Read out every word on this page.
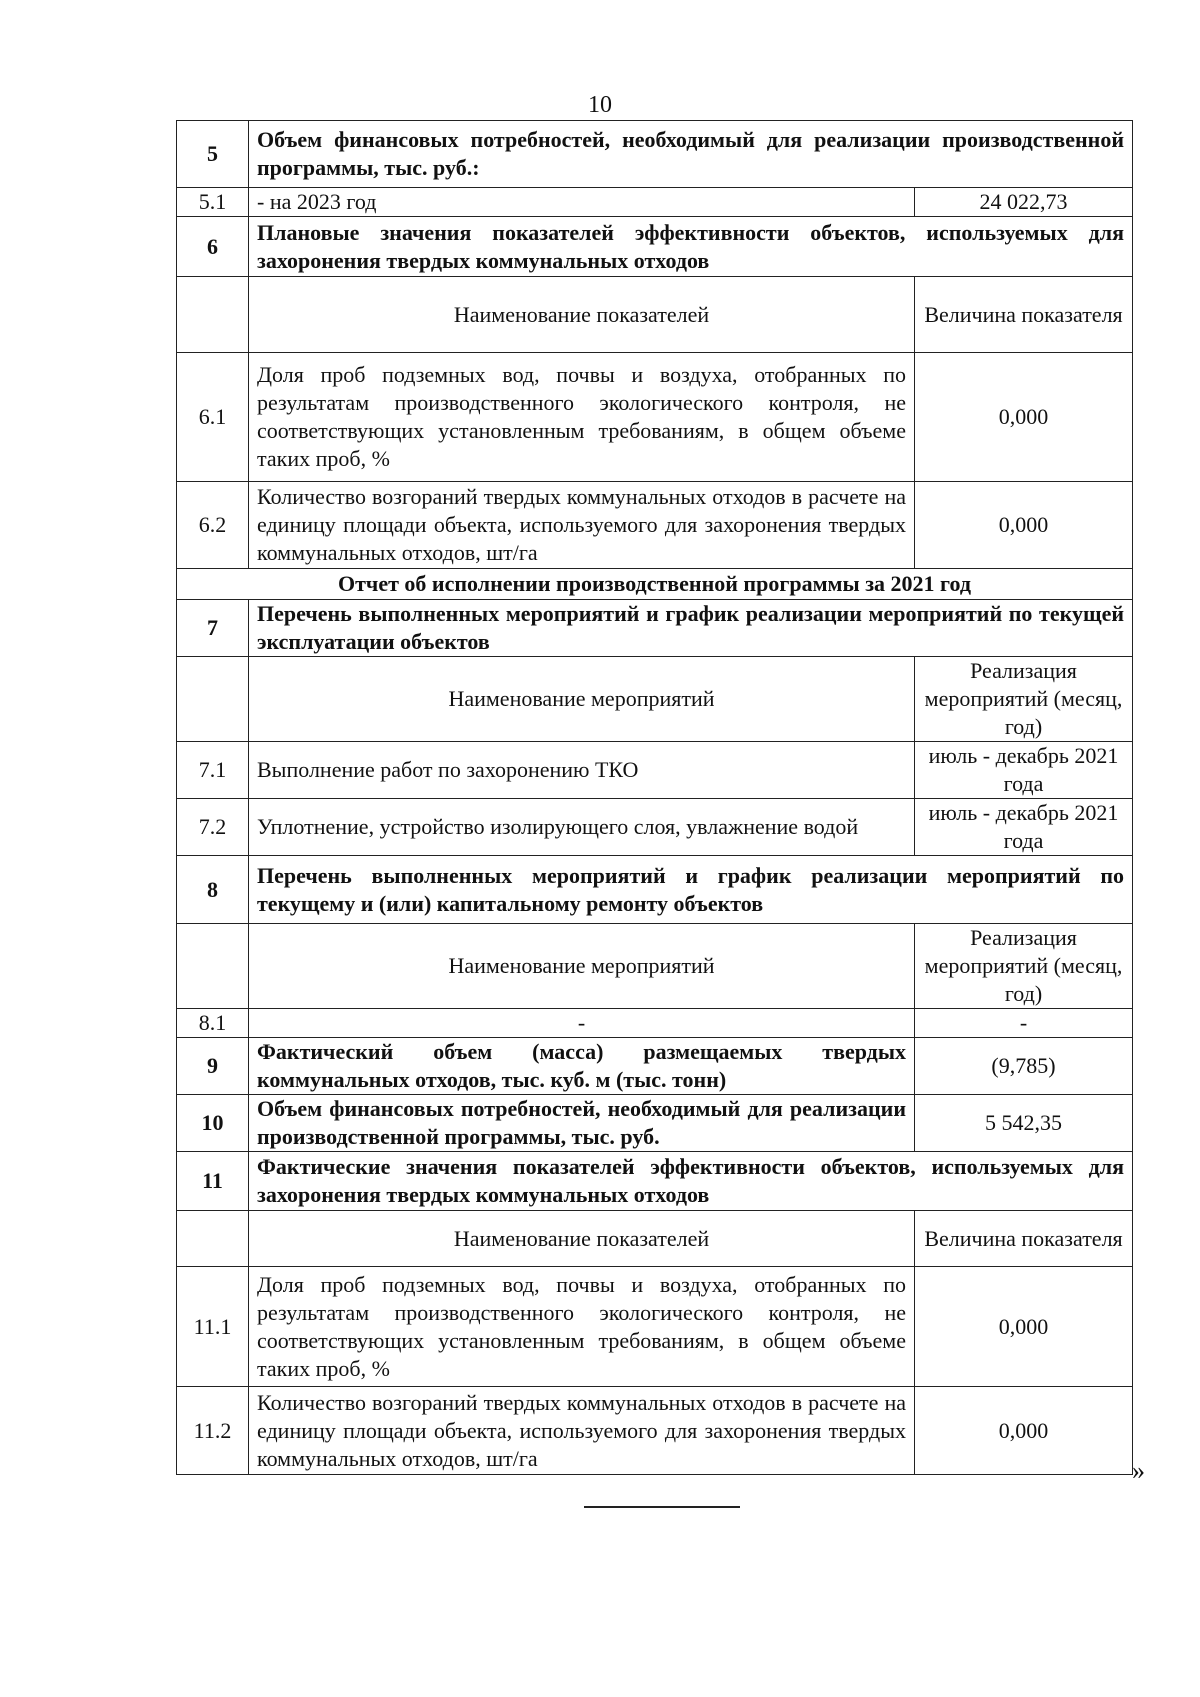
10
5	Объем финансовых потребностей, необходимый для реализации производственной программы, тыс. руб.:	
5.1	- на 2023 год	24 022,73
6	Плановые значения показателей эффективности объектов, используемых для захоронения твердых коммунальных отходов	
	Наименование показателей	Величина показателя
6.1	Доля проб подземных вод, почвы и воздуха, отобранных по результатам производственного экологического контроля, не соответствующих установленным требованиям, в общем объеме таких проб, %	0,000
6.2	Количество возгораний твердых коммунальных отходов в расчете на единицу площади объекта, используемого для захоронения твердых коммунальных отходов, шт/га	0,000
Отчет об исполнении производственной программы за 2021 год		
7	Перечень выполненных мероприятий и график реализации мероприятий по текущей эксплуатации объектов	
	Наименование мероприятий	Реализация мероприятий (месяц, год)
7.1	Выполнение работ по захоронению ТКО	июль - декабрь 2021 года
7.2	Уплотнение, устройство изолирующего слоя, увлажнение водой	июль - декабрь 2021 года
8	Перечень выполненных мероприятий и график реализации мероприятий по текущему и (или) капитальному ремонту объектов	
	Наименование мероприятий	Реализация мероприятий (месяц, год)
8.1	-	-
9	Фактический объем (масса) размещаемых твердых коммунальных отходов, тыс. куб. м (тыс. тонн)	(9,785)
10	Объем финансовых потребностей, необходимый для реализации производственной программы, тыс. руб.	5 542,35
11	Фактические значения показателей эффективности объектов, используемых для захоронения твердых коммунальных отходов	
	Наименование показателей	Величина показателя
11.1	Доля проб подземных вод, почвы и воздуха, отобранных по результатам производственного экологического контроля, не соответствующих установленным требованиям, в общем объеме таких проб, %	0,000
11.2	Количество возгораний твердых коммунальных отходов в расчете на единицу площади объекта, используемого для захоронения твердых коммунальных отходов, шт/га	0,000
»
